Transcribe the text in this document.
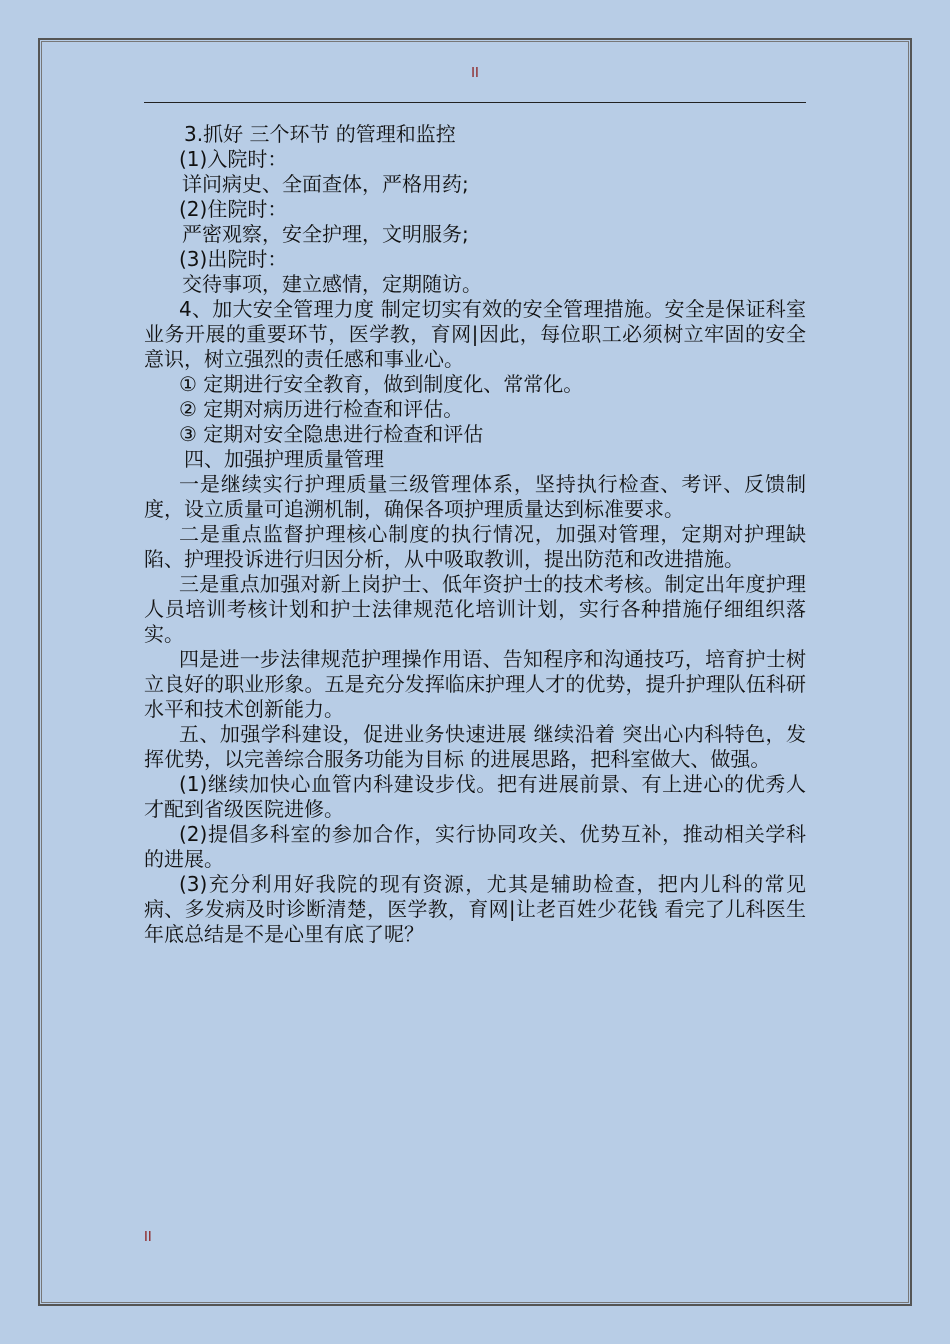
II

3.抓好 三个环节 的管理和监控

(1)入院时：

详问病史、全面查体，严格用药;

(2)住院时：

严密观察，安全护理，文明服务;

(3)出院时：

交待事项，建立感情，定期随访。

4、加大安全管理力度 制定切实有效的安全管理措施。安全是保证科室业务开展的重要环节，医学教，育网|因此，每位职工必须树立牢固的安全意识，树立强烈的责任感和事业心。

① 定期进行安全教育，做到制度化、常常化。

② 定期对病历进行检查和评估。

③ 定期对安全隐患进行检查和评估

四、加强护理质量管理

一是继续实行护理质量三级管理体系，坚持执行检查、考评、反馈制度，设立质量可追溯机制，确保各项护理质量达到标准要求。

二是重点监督护理核心制度的执行情况，加强对管理，定期对护理缺陷、护理投诉进行归因分析，从中吸取教训，提出防范和改进措施。

三是重点加强对新上岗护士、低年资护士的技术考核。制定出年度护理人员培训考核计划和护士法律规范化培训计划，实行各种措施仔细组织落实。

四是进一步法律规范护理操作用语、告知程序和沟通技巧，培育护士树立良好的职业形象。五是充分发挥临床护理人才的优势，提升护理队伍科研水平和技术创新能力。

五、加强学科建设，促进业务快速进展 继续沿着 突出心内科特色，发挥优势，以完善综合服务功能为目标 的进展思路，把科室做大、做强。

(1)继续加快心血管内科建设步伐。把有进展前景、有上进心的优秀人才配到省级医院进修。

(2)提倡多科室的参加合作，实行协同攻关、优势互补，推动相关学科的进展。

(3)充分利用好我院的现有资源，尤其是辅助检查，把内儿科的常见病、多发病及时诊断清楚，医学教，育网|让老百姓少花钱 看完了儿科医生年底总结是不是心里有底了呢？

II
